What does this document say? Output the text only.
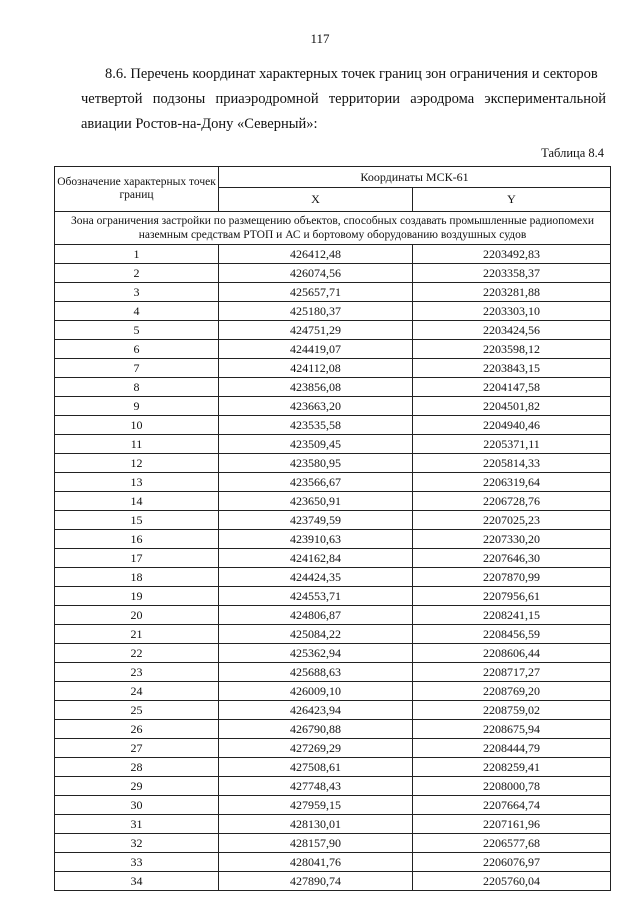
117
8.6. Перечень координат характерных точек границ зон ограничения и секторов
четвертой подзоны приаэродромной территории аэродрома экспериментальной
авиации Ростов-на-Дону «Северный»:
Таблица 8.4
Обозначение характерных точек границ	Координаты МСК-61	
	X	Y
Зона ограничения застройки по размещению объектов, способных создавать промышленные радиопомехи наземным средствам РТОП и АС и бортовому оборудованию воздушных судов		
1	426412,48	2203492,83
2	426074,56	2203358,37
3	425657,71	2203281,88
4	425180,37	2203303,10
5	424751,29	2203424,56
6	424419,07	2203598,12
7	424112,08	2203843,15
8	423856,08	2204147,58
9	423663,20	2204501,82
10	423535,58	2204940,46
11	423509,45	2205371,11
12	423580,95	2205814,33
13	423566,67	2206319,64
14	423650,91	2206728,76
15	423749,59	2207025,23
16	423910,63	2207330,20
17	424162,84	2207646,30
18	424424,35	2207870,99
19	424553,71	2207956,61
20	424806,87	2208241,15
21	425084,22	2208456,59
22	425362,94	2208606,44
23	425688,63	2208717,27
24	426009,10	2208769,20
25	426423,94	2208759,02
26	426790,88	2208675,94
27	427269,29	2208444,79
28	427508,61	2208259,41
29	427748,43	2208000,78
30	427959,15	2207664,74
31	428130,01	2207161,96
32	428157,90	2206577,68
33	428041,76	2206076,97
34	427890,74	2205760,04
